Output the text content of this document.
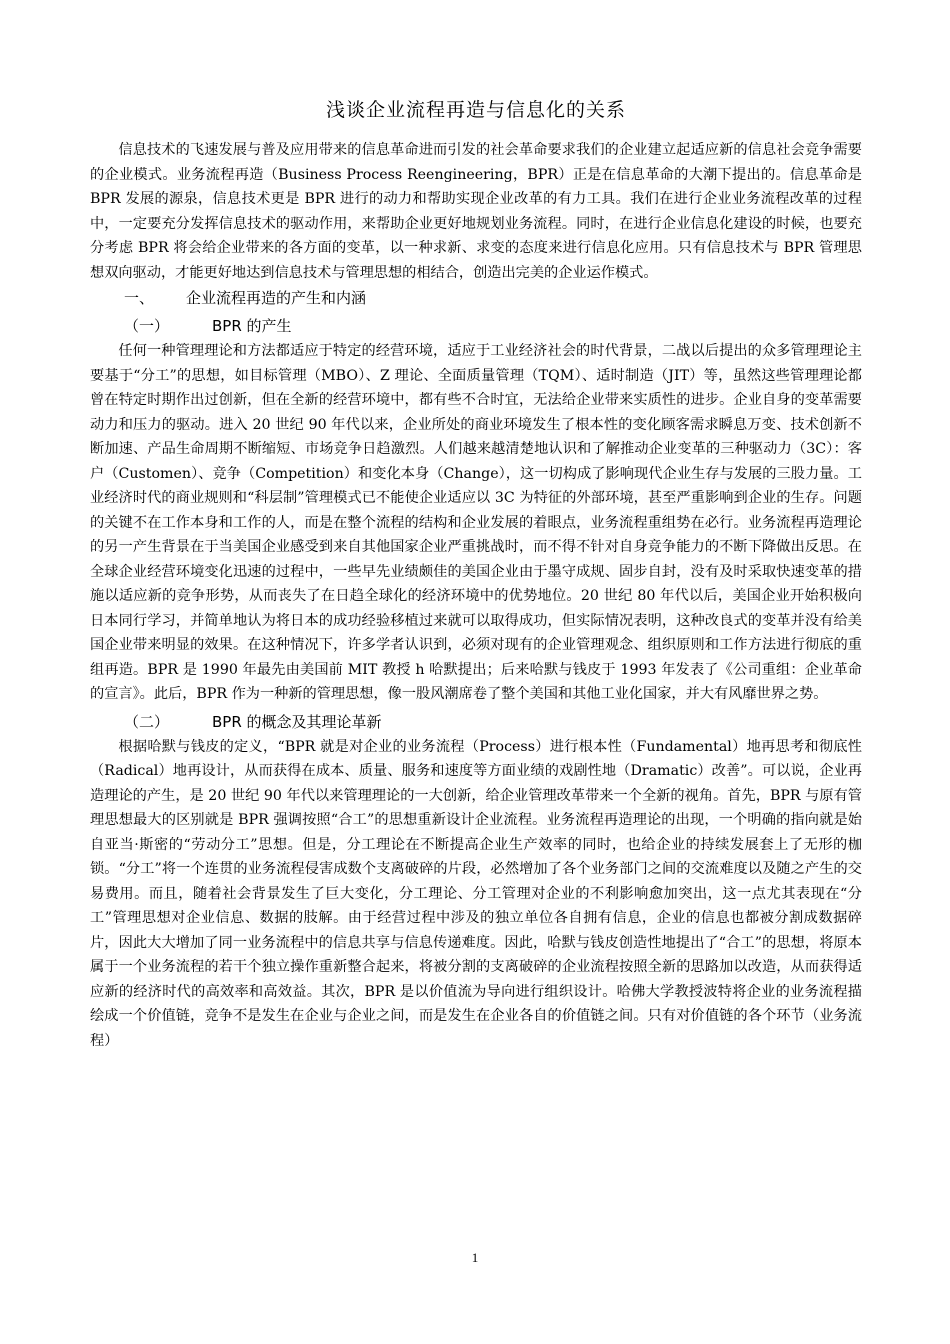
浅谈企业流程再造与信息化的关系

信息技术的飞速发展与普及应用带来的信息革命进而引发的社会革命要求我们的企业建立起适应新的信息社会竞争需要的企业模式。业务流程再造（Business Process Reengineering，BPR）正是在信息革命的大潮下提出的。信息革命是 BPR 发展的源泉，信息技术更是 BPR 进行的动力和帮助实现企业改革的有力工具。我们在进行企业业务流程改革的过程中，一定要充分发挥信息技术的驱动作用，来帮助企业更好地规划业务流程。同时，在进行企业信息化建设的时候，也要充分考虑 BPR 将会给企业带来的各方面的变革，以一种求新、求变的态度来进行信息化应用。只有信息技术与 BPR 管理思想双向驱动，才能更好地达到信息技术与管理思想的相结合，创造出完美的企业运作模式。

一、	企业流程再造的产生和内涵
（一）	BPR 的产生

任何一种管理理论和方法都适应于特定的经营环境，适应于工业经济社会的时代背景，二战以后提出的众多管理理论主要基于“分工”的思想，如目标管理（MBO）、Z 理论、全面质量管理（TQM）、适时制造（JIT）等，虽然这些管理理论都曾在特定时期作出过创新，但在全新的经营环境中，都有些不合时宜，无法给企业带来实质性的进步。企业自身的变革需要动力和压力的驱动。进入 20 世纪 90 年代以来，企业所处的商业环境发生了根本性的变化顾客需求瞬息万变、技术创新不断加速、产品生命周期不断缩短、市场竞争日趋激烈。人们越来越清楚地认识和了解推动企业变革的三种驱动力（3C）：客户（Customen）、竞争（Competition）和变化本身（Change），这一切构成了影响现代企业生存与发展的三股力量。工业经济时代的商业规则和“科层制”管理模式已不能使企业适应以 3C 为特征的外部环境，甚至严重影响到企业的生存。问题的关键不在工作本身和工作的人，而是在整个流程的结构和企业发展的着眼点，业务流程重组势在必行。业务流程再造理论的另一产生背景在于当美国企业感受到来自其他国家企业严重挑战时，而不得不针对自身竞争能力的不断下降做出反思。在全球企业经营环境变化迅速的过程中，一些早先业绩颇佳的美国企业由于墨守成规、固步自封，没有及时采取快速变革的措施以适应新的竞争形势，从而丧失了在日趋全球化的经济环境中的优势地位。20 世纪 80 年代以后，美国企业开始积极向日本同行学习，并简单地认为将日本的成功经验移植过来就可以取得成功，但实际情况表明，这种改良式的变革并没有给美国企业带来明显的效果。在这种情况下，许多学者认识到，必须对现有的企业管理观念、组织原则和工作方法进行彻底的重组再造。BPR 是 1990 年最先由美国前 MIT 教授 h 哈默提出；后来哈默与钱皮于 1993 年发表了《公司重组：企业革命的宣言》。此后，BPR 作为一种新的管理思想，像一股风潮席卷了整个美国和其他工业化国家，并大有风靡世界之势。

（二）	BPR 的概念及其理论革新

根据哈默与钱皮的定义，“BPR 就是对企业的业务流程（Process）进行根本性（Fundamental）地再思考和彻底性（Radical）地再设计，从而获得在成本、质量、服务和速度等方面业绩的戏剧性地（Dramatic）改善”。可以说，企业再造理论的产生，是 20 世纪 90 年代以来管理理论的一大创新，给企业管理改革带来一个全新的视角。首先，BPR 与原有管理思想最大的区别就是 BPR 强调按照“合工”的思想重新设计企业流程。业务流程再造理论的出现，一个明确的指向就是始自亚当·斯密的“劳动分工”思想。但是，分工理论在不断提高企业生产效率的同时，也给企业的持续发展套上了无形的枷锁。“分工”将一个连贯的业务流程侵害成数个支离破碎的片段，必然增加了各个业务部门之间的交流难度以及随之产生的交易费用。而且，随着社会背景发生了巨大变化，分工理论、分工管理对企业的不利影响愈加突出，这一点尤其表现在“分工”管理思想对企业信息、数据的肢解。由于经营过程中涉及的独立单位各自拥有信息，企业的信息也都被分割成数据碎片，因此大大增加了同一业务流程中的信息共享与信息传递难度。因此，哈默与钱皮创造性地提出了“合工”的思想，将原本属于一个业务流程的若干个独立操作重新整合起来，将被分割的支离破碎的企业流程按照全新的思路加以改造，从而获得适应新的经济时代的高效率和高效益。其次，BPR 是以价值流为导向进行组织设计。哈佛大学教授波特将企业的业务流程描绘成一个价值链，竞争不是发生在企业与企业之间，而是发生在企业各自的价值链之间。只有对价值链的各个环节（业务流程）

1
